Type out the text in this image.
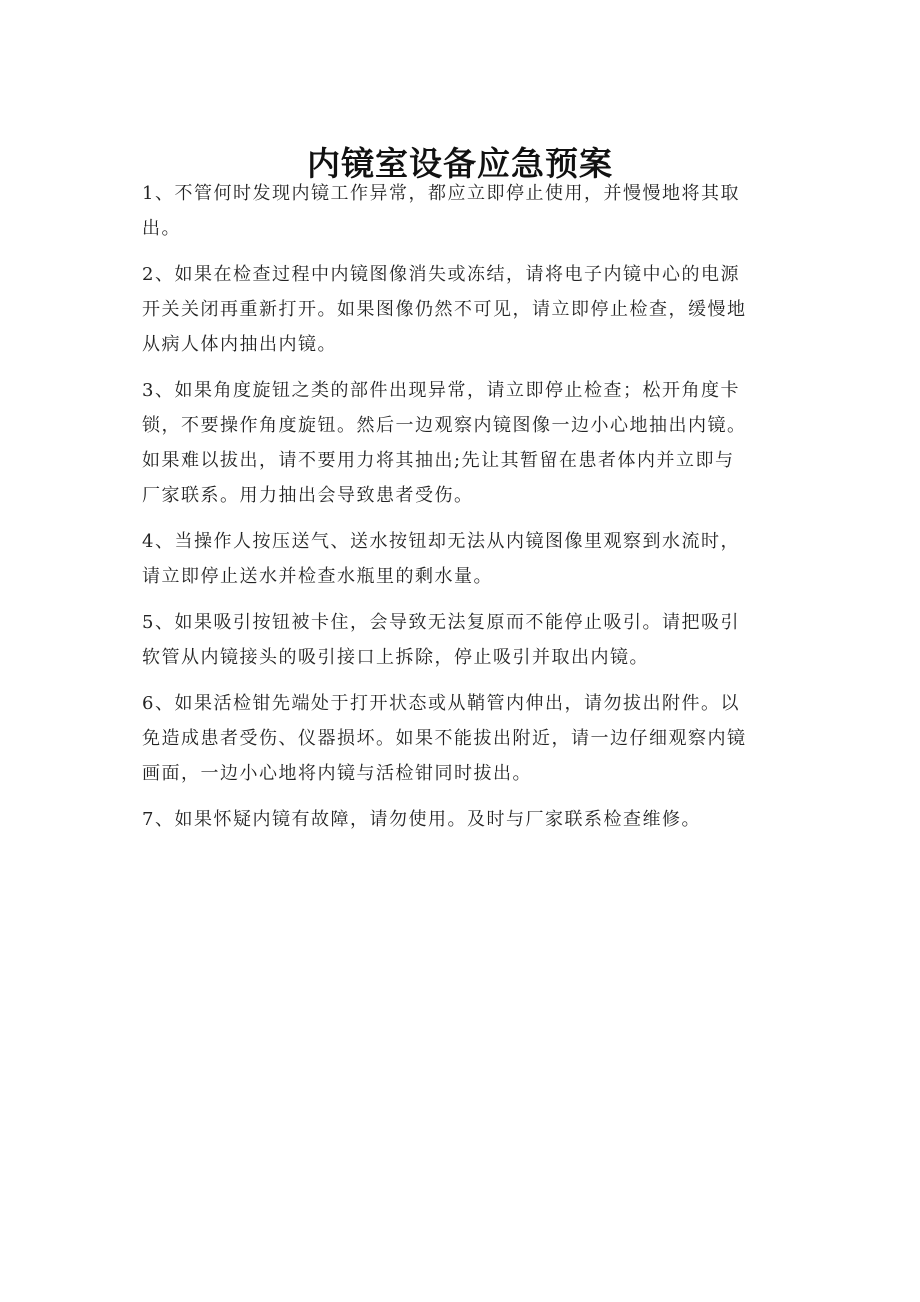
内镜室设备应急预案

1、不管何时发现内镜工作异常，都应立即停止使用，并慢慢地将其取
出。

2、如果在检查过程中内镜图像消失或冻结，请将电子内镜中心的电源
开关关闭再重新打开。如果图像仍然不可见，请立即停止检查，缓慢地
从病人体内抽出内镜。

3、如果角度旋钮之类的部件出现异常，请立即停止检查；松开角度卡
锁，不要操作角度旋钮。然后一边观察内镜图像一边小心地抽出内镜。
如果难以拔出，请不要用力将其抽出;先让其暂留在患者体内并立即与
厂家联系。用力抽出会导致患者受伤。

4、当操作人按压送气、送水按钮却无法从内镜图像里观察到水流时，
请立即停止送水并检查水瓶里的剩水量。

5、如果吸引按钮被卡住，会导致无法复原而不能停止吸引。请把吸引
软管从内镜接头的吸引接口上拆除，停止吸引并取出内镜。

6、如果活检钳先端处于打开状态或从鞘管内伸出，请勿拔出附件。以
免造成患者受伤、仪器损坏。如果不能拔出附近，请一边仔细观察内镜
画面，一边小心地将内镜与活检钳同时拔出。

7、如果怀疑内镜有故障，请勿使用。及时与厂家联系检查维修。
